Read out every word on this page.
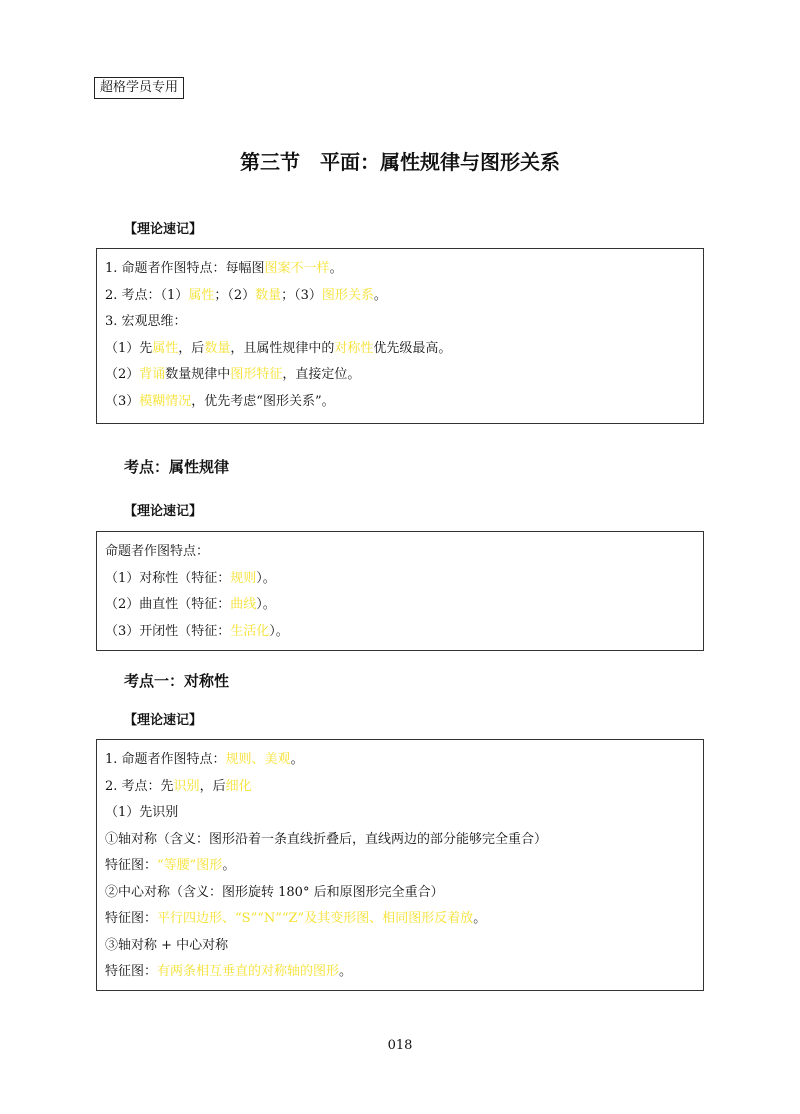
超格学员专用
第三节　平面：属性规律与图形关系
【理论速记】
1. 命题者作图特点：每幅图图案不一样。
2. 考点：（1）属性；（2）数量；（3）图形关系。
3. 宏观思维：
（1）先属性，后数量，且属性规律中的对称性优先级最高。
（2）背诵数量规律中图形特征，直接定位。
（3）模糊情况，优先考虑“图形关系”。
考点：属性规律
【理论速记】
命题者作图特点：
（1）对称性（特征：规则）。
（2）曲直性（特征：曲线）。
（3）开闭性（特征：生活化）。
考点一：对称性
【理论速记】
1. 命题者作图特点：规则、美观。
2. 考点：先识别，后细化
（1）先识别
①轴对称（含义：图形沿着一条直线折叠后，直线两边的部分能够完全重合）
特征图：“等腰”图形。
②中心对称（含义：图形旋转 180° 后和原图形完全重合）
特征图：平行四边形、“S”“N”“Z”及其变形图、相同图形反着放。
③轴对称 + 中心对称
特征图：有两条相互垂直的对称轴的图形。
018
